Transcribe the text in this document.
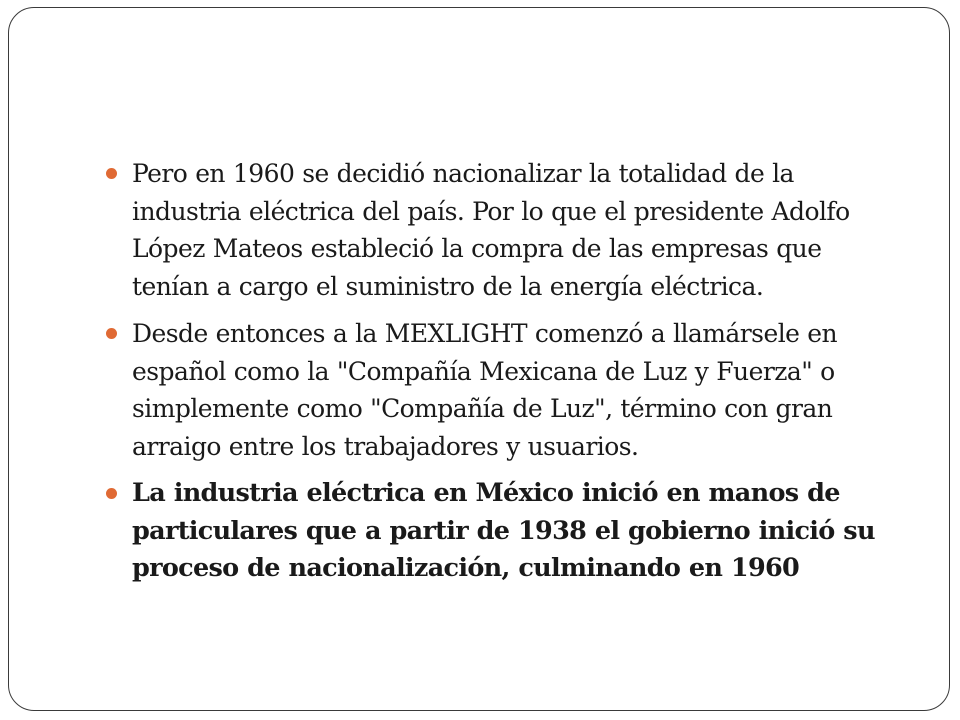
Pero en 1960 se decidió nacionalizar la totalidad de la industria eléctrica del país. Por lo que el presidente Adolfo López Mateos estableció la compra de las empresas que tenían a cargo el suministro de la energía eléctrica.
Desde entonces a la MEXLIGHT comenzó a llamársele en español como la "Compañía Mexicana de Luz y Fuerza" o simplemente como "Compañía de Luz", término con gran arraigo entre los trabajadores y usuarios.
La industria eléctrica en México inició en manos de particulares que a partir de 1938 el gobierno inició su proceso de nacionalización, culminando en 1960
